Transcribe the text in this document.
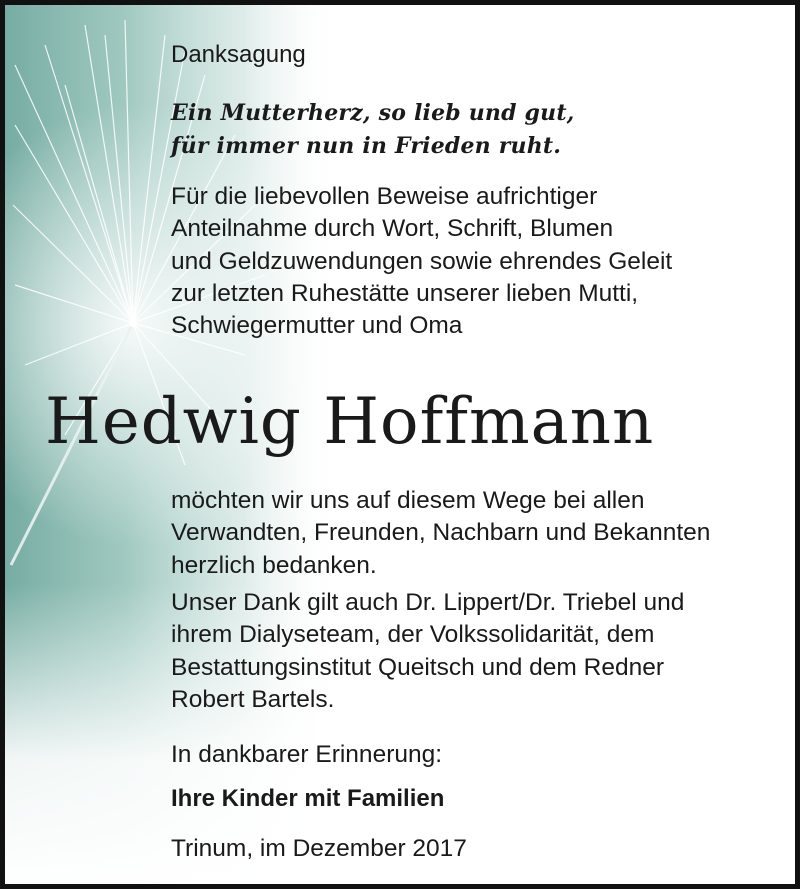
Danksagung
Ein Mutterherz, so lieb und gut,
für immer nun in Frieden ruht.
Für die liebevollen Beweise aufrichtiger
Anteilnahme durch Wort, Schrift, Blumen
und Geldzuwendungen sowie ehrendes Geleit
zur letzten Ruhestätte unserer lieben Mutti,
Schwiegermutter und Oma
Hedwig Hoffmann
möchten wir uns auf diesem Wege bei allen
Verwandten, Freunden, Nachbarn und Bekannten
herzlich bedanken.
Unser Dank gilt auch Dr. Lippert/Dr. Triebel und
ihrem Dialyseteam, der Volkssolidarität, dem
Bestattungsinstitut Queitsch und dem Redner
Robert Bartels.
In dankbarer Erinnerung:
Ihre Kinder mit Familien
Trinum, im Dezember 2017
